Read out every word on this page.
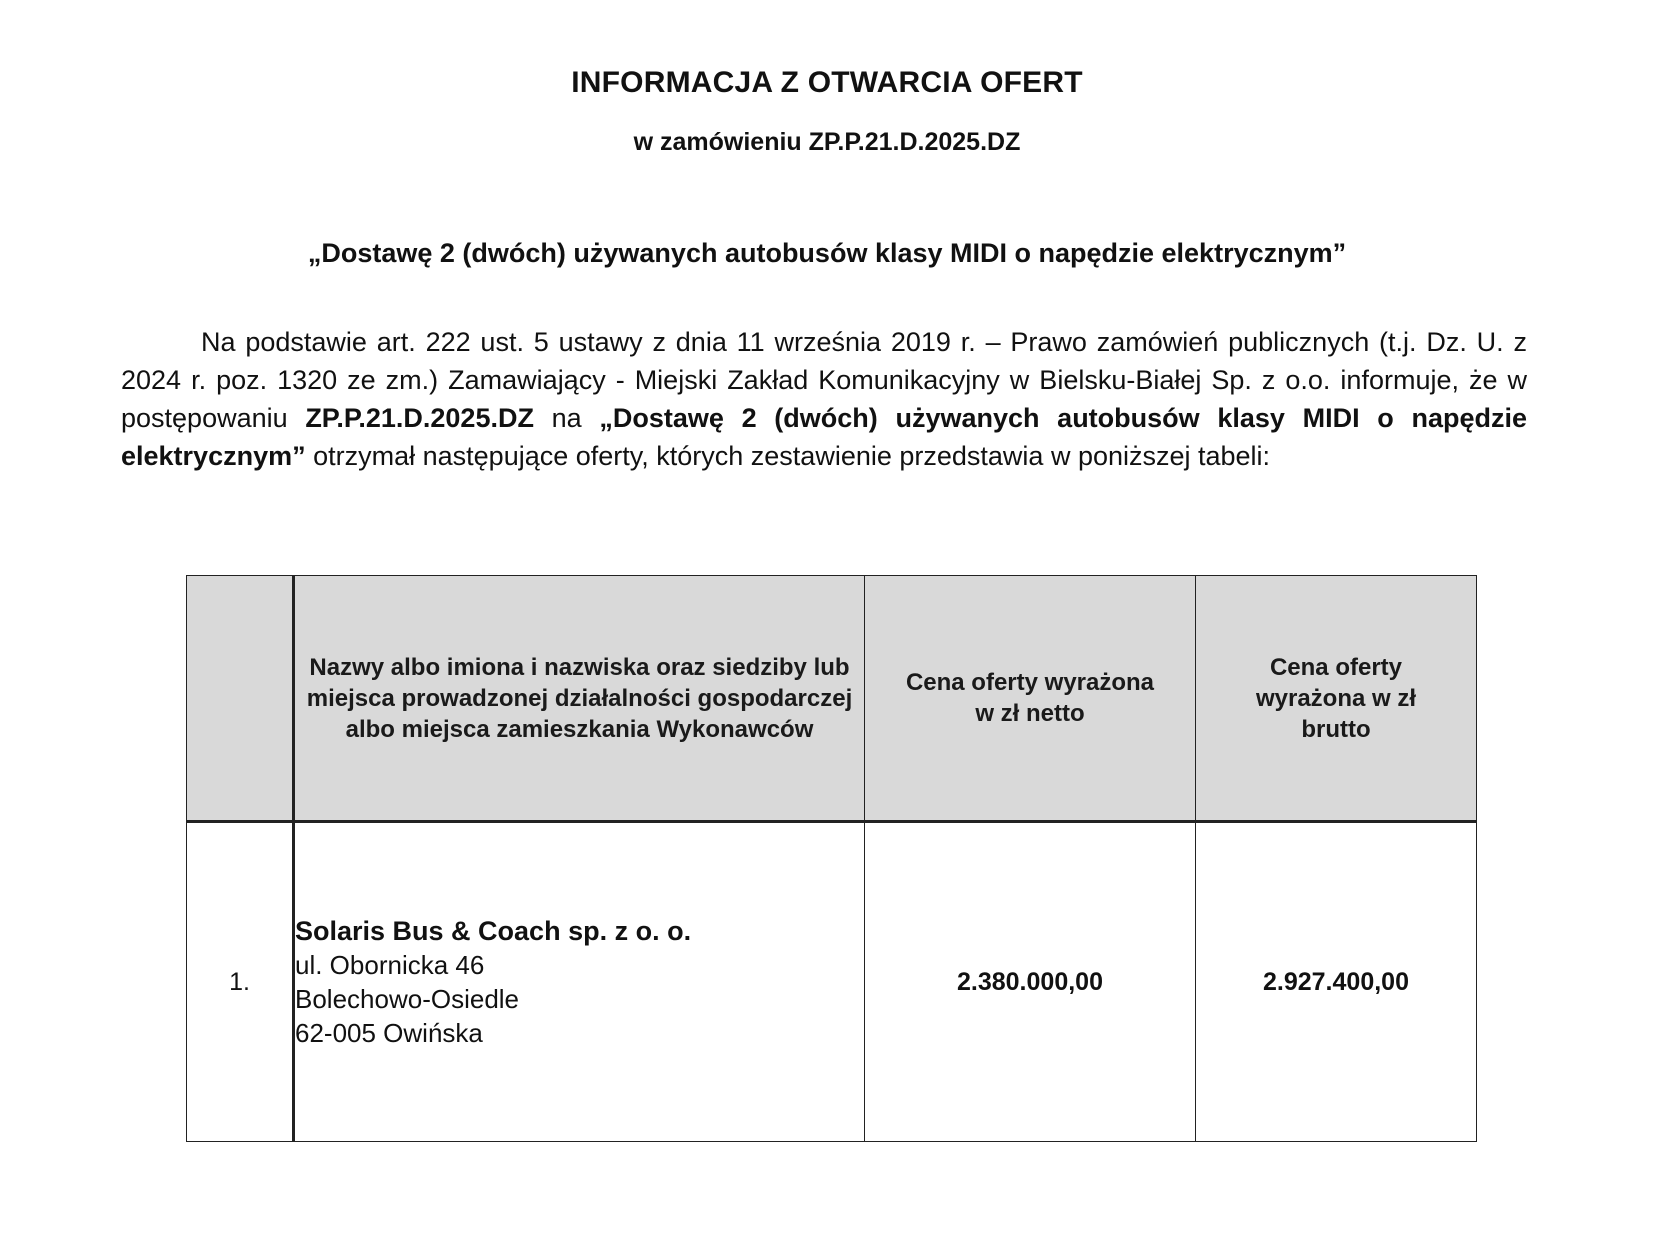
INFORMACJA Z OTWARCIA OFERT
w zamówieniu ZP.P.21.D.2025.DZ
„Dostawę 2 (dwóch) używanych autobusów klasy MIDI o napędzie elektrycznym”
Na podstawie art. 222 ust. 5 ustawy z dnia 11 września 2019 r. – Prawo zamówień publicznych (t.j. Dz. U. z 2024 r. poz. 1320 ze zm.) Zamawiający - Miejski Zakład Komunikacyjny w Bielsku-Białej Sp. z o.o. informuje, że w postępowaniu ZP.P.21.D.2025.DZ na „Dostawę 2 (dwóch) używanych autobusów klasy MIDI o napędzie elektrycznym” otrzymał następujące oferty, których zestawienie przedstawia w poniższej tabeli:
	Nazwy albo imiona i nazwiska oraz siedziby lub miejsca prowadzonej działalności gospodarczej albo miejsca zamieszkania Wykonawców	Cena oferty wyrażona w zł netto	Cena oferty wyrażona w zł brutto
1.	Solaris Bus & Coach sp. z o. o.
ul. Obornicka 46
Bolechowo-Osiedle
62-005 Owińska	2.380.000,00	2.927.400,00
